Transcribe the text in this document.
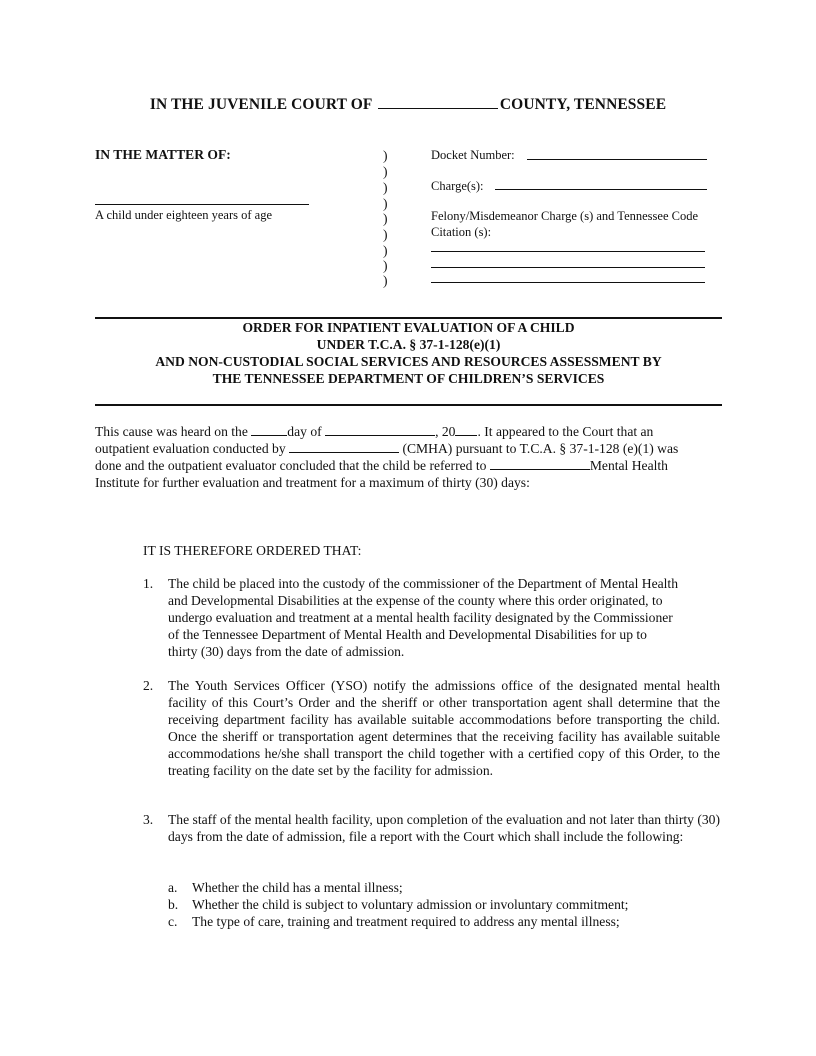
IN THE JUVENILE COURT OF	COUNTY, TENNESSEE
IN THE MATTER OF:
A child under eighteen years of age
)
)
)
)
)
)
)
)
)
Docket Number:
Charge(s):
Felony/Misdemeanor Charge (s) and Tennessee Code
Citation (s):
ORDER FOR INPATIENT EVALUATION OF A CHILD
UNDER T.C.A. § 37-1-128(e)(1)
AND NON-CUSTODIAL SOCIAL SERVICES AND RESOURCES ASSESSMENT BY
THE TENNESSEE DEPARTMENT OF CHILDREN’S SERVICES
This cause was heard on the	day of	, 20 . It appeared to the Court that an
outpatient evaluation conducted by	(CMHA) pursuant to T.C.A. § 37-1-128 (e)(1) was
done and the outpatient evaluator concluded that the child be referred to	Mental Health
Institute for further evaluation and treatment for a maximum of thirty (30) days:
IT IS THEREFORE ORDERED THAT:
1.	The child be placed into the custody of the commissioner of the Department of Mental Health
and Developmental Disabilities at the expense of the county where this order originated, to
undergo evaluation and treatment at a mental health facility designated by the Commissioner
of the Tennessee Department of Mental Health and Developmental Disabilities for up to
thirty (30) days from the date of admission.
2.	The Youth Services Officer (YSO) notify the admissions office of the designated mental health facility of this Court’s Order and the sheriff or other transportation agent shall determine that the receiving department facility has available suitable accommodations before transporting the child. Once the sheriff or transportation agent determines that the receiving facility has available suitable accommodations he/she shall transport the child together with a certified copy of this Order, to the treating facility on the date set by the facility for admission.
3.	The staff of the mental health facility, upon completion of the evaluation and not later than thirty (30) days from the date of admission, file a report with the Court which shall include the following:
a.	Whether the child has a mental illness;
b.	Whether the child is subject to voluntary admission or involuntary commitment;
c.	The type of care, training and treatment required to address any mental illness;
